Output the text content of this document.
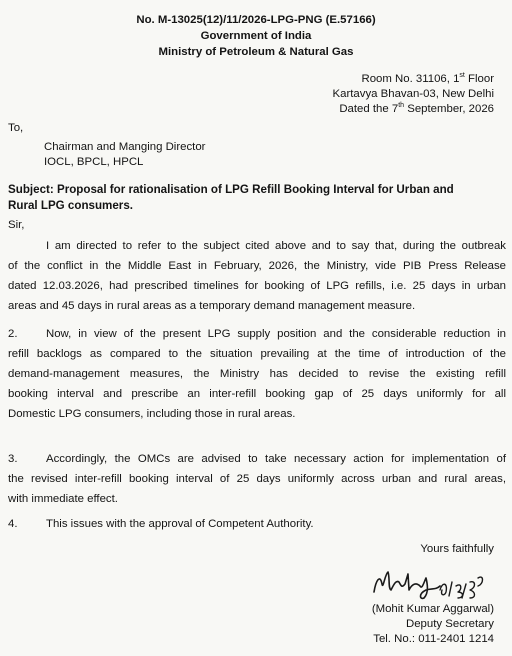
No. M-13025(12)/11/2026-LPG-PNG (E.57166)
Government of India
Ministry of Petroleum & Natural Gas
Room No. 31106, 1st Floor
Kartavya Bhavan-03, New Delhi
Dated the 7th September, 2026
To,
Chairman and Manging Director
IOCL, BPCL, HPCL
Subject: Proposal for rationalisation of LPG Refill Booking Interval for Urban and
Rural LPG consumers.
Sir,
I am directed to refer to the subject cited above and to say that, during the outbreak
of the conflict in the Middle East in February, 2026, the Ministry, vide PIB Press Release
dated 12.03.2026, had prescribed timelines for booking of LPG refills, i.e. 25 days in urban
areas and 45 days in rural areas as a temporary demand management measure.
2.	Now, in view of the present LPG supply position and the considerable reduction in
refill backlogs as compared to the situation prevailing at the time of introduction of the
demand-management measures, the Ministry has decided to revise the existing refill
booking interval and prescribe an inter-refill booking gap of 25 days uniformly for all
Domestic LPG consumers, including those in rural areas.
3.	Accordingly, the OMCs are advised to take necessary action for implementation of
the revised inter-refill booking interval of 25 days uniformly across urban and rural areas,
with immediate effect.
4.	This issues with the approval of Competent Authority.
Yours faithfully
(Mohit Kumar Aggarwal)
Deputy Secretary
Tel. No.: 011-2401 1214
